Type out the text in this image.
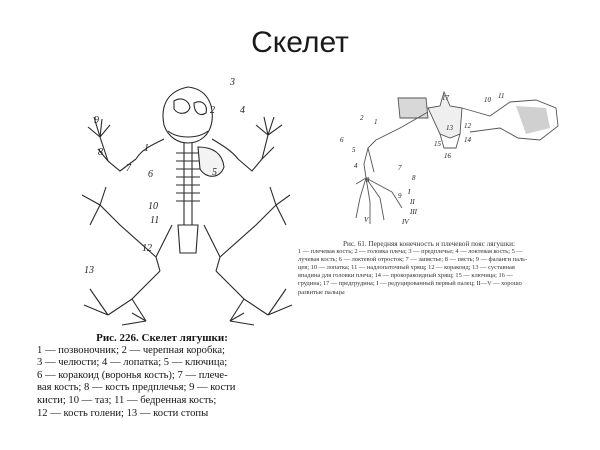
Скелет
1
2
3
4
5
6
7
8
9
10
11
12
13
6
5
4
2 1
3
7
8
9
10 11
12
13
14
15
16
17
I
II
III
IV
V
Рис. 61. Передняя конечность и плечевой пояс лягушки:
1 — плечевая кость; 2 — головка плеча; 3 — предплечье; 4 — локтевая кость; 5 —
лучевая кость; 6 — локтевой отросток; 7 — запястье; 8 — пясть; 9 — фаланги паль-
цев; 10 — лопатка; 11 — надлопаточный хрящ; 12 — коракоид; 13 — суставная
впадина для головки плеча; 14 — прокоракоидный хрящ; 15 — ключица; 16 —
грудина; 17 — предгрудина; I — редуцированный первый палец; II—V — хорошо
развитые пальцы
Рис. 226. Скелет лягушки:
1 — позвоночник; 2 — черепная коробка;
3 — челюсти; 4 — лопатка; 5 — ключица;
6 — коракоид (воронья кость); 7 — плече-
вая кость; 8 — кость предплечья; 9 — кости
кисти; 10 — таз; 11 — бедренная кость;
12 — кость голени; 13 — кости стопы
